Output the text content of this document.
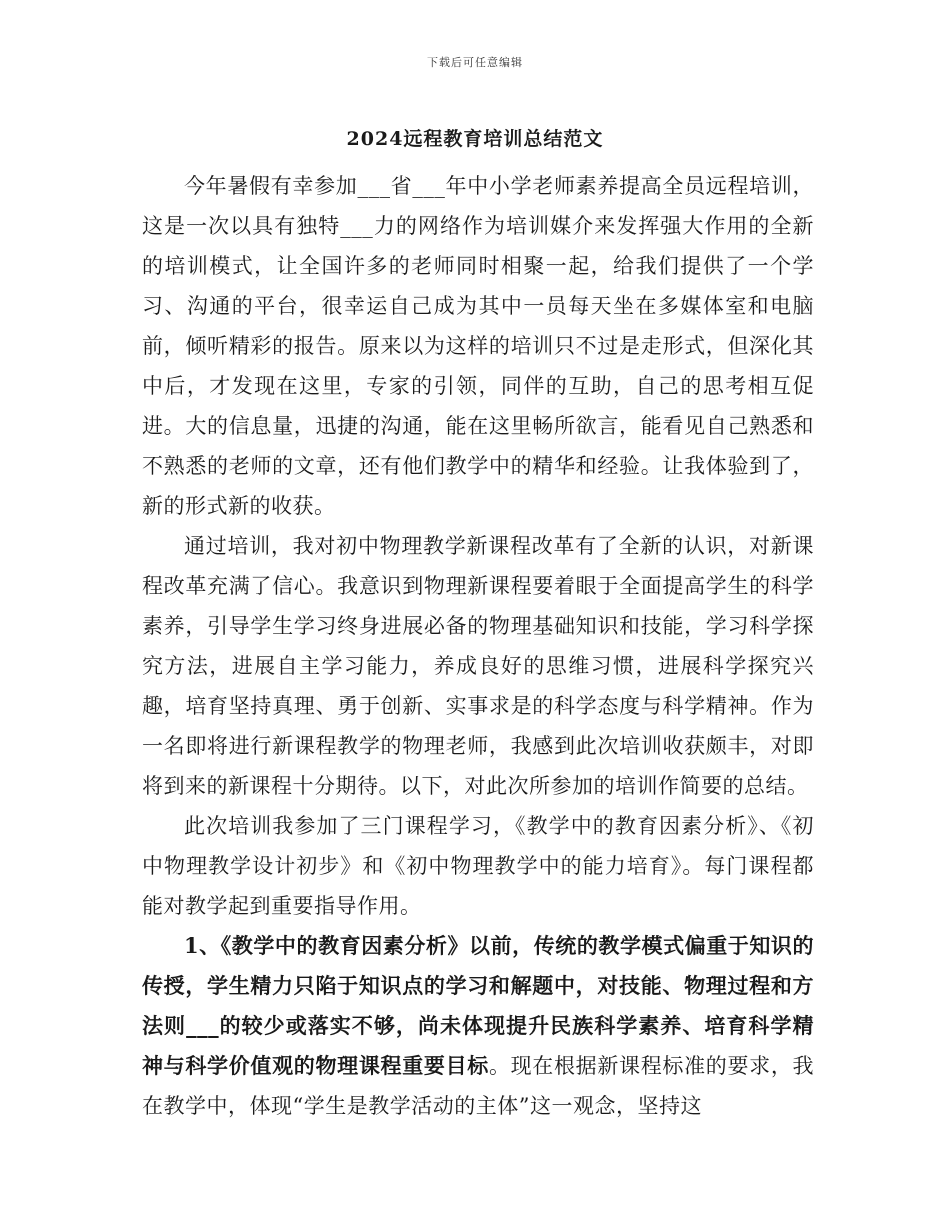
下载后可任意编辑
2024远程教育培训总结范文

今年暑假有幸参加___省___年中小学老师素养提高全员远程培训，这是一次以具有独特___力的网络作为培训媒介来发挥强大作用的全新的培训模式，让全国许多的老师同时相聚一起，给我们提供了一个学习、沟通的平台，很幸运自己成为其中一员每天坐在多媒体室和电脑前，倾听精彩的报告。原来以为这样的培训只不过是走形式，但深化其中后，才发现在这里，专家的引领，同伴的互助，自己的思考相互促进。大的信息量，迅捷的沟通，能在这里畅所欲言，能看见自己熟悉和不熟悉的老师的文章，还有他们教学中的精华和经验。让我体验到了，新的形式新的收获。

通过培训，我对初中物理教学新课程改革有了全新的认识，对新课程改革充满了信心。我意识到物理新课程要着眼于全面提高学生的科学素养，引导学生学习终身进展必备的物理基础知识和技能，学习科学探究方法，进展自主学习能力，养成良好的思维习惯，进展科学探究兴趣，培育坚持真理、勇于创新、实事求是的科学态度与科学精神。作为一名即将进行新课程教学的物理老师，我感到此次培训收获颇丰，对即将到来的新课程十分期待。以下，对此次所参加的培训作简要的总结。

此次培训我参加了三门课程学习，《教学中的教育因素分析》、《初中物理教学设计初步》和《初中物理教学中的能力培育》。每门课程都能对教学起到重要指导作用。

1、《教学中的教育因素分析》以前，传统的教学模式偏重于知识的传授，学生精力只陷于知识点的学习和解题中，对技能、物理过程和方法则___的较少或落实不够，尚未体现提升民族科学素养、培育科学精神与科学价值观的物理课程重要目标。现在根据新课程标准的要求，我在教学中，体现“学生是教学活动的主体”这一观念，坚持这
